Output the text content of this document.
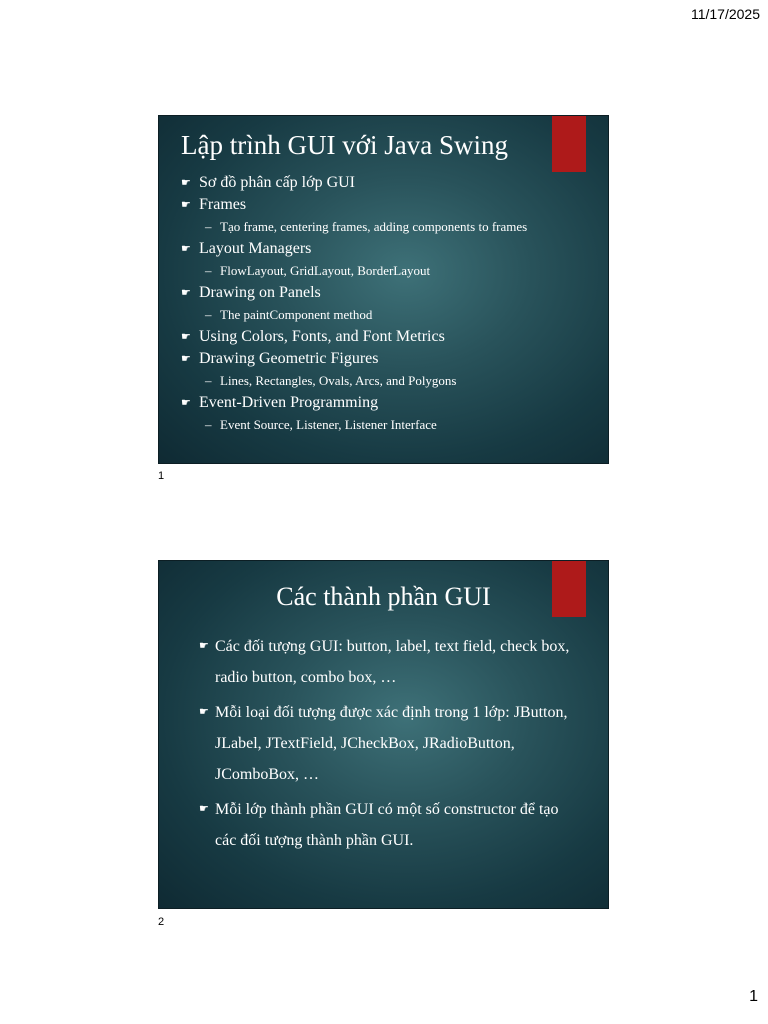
11/17/2025
Lập trình GUI với Java Swing
☛ Sơ đồ phân cấp lớp GUI
☛ Frames
– Tạo frame, centering frames, adding components to frames
☛ Layout Managers
– FlowLayout, GridLayout, BorderLayout
☛ Drawing on Panels
– The paintComponent method
☛ Using Colors, Fonts, and Font Metrics
☛ Drawing Geometric Figures
– Lines, Rectangles, Ovals, Arcs, and Polygons
☛ Event-Driven Programming
– Event Source, Listener, Listener Interface
1
Các thành phần GUI
☛ Các đối tượng GUI: button, label, text field, check box, radio button, combo box, …
☛ Mỗi loại đối tượng được xác định trong 1 lớp: JButton, JLabel, JTextField, JCheckBox, JRadioButton, JComboBox, …
☛ Mỗi lớp thành phần GUI có một số constructor để tạo các đối tượng thành phần GUI.
2
1
